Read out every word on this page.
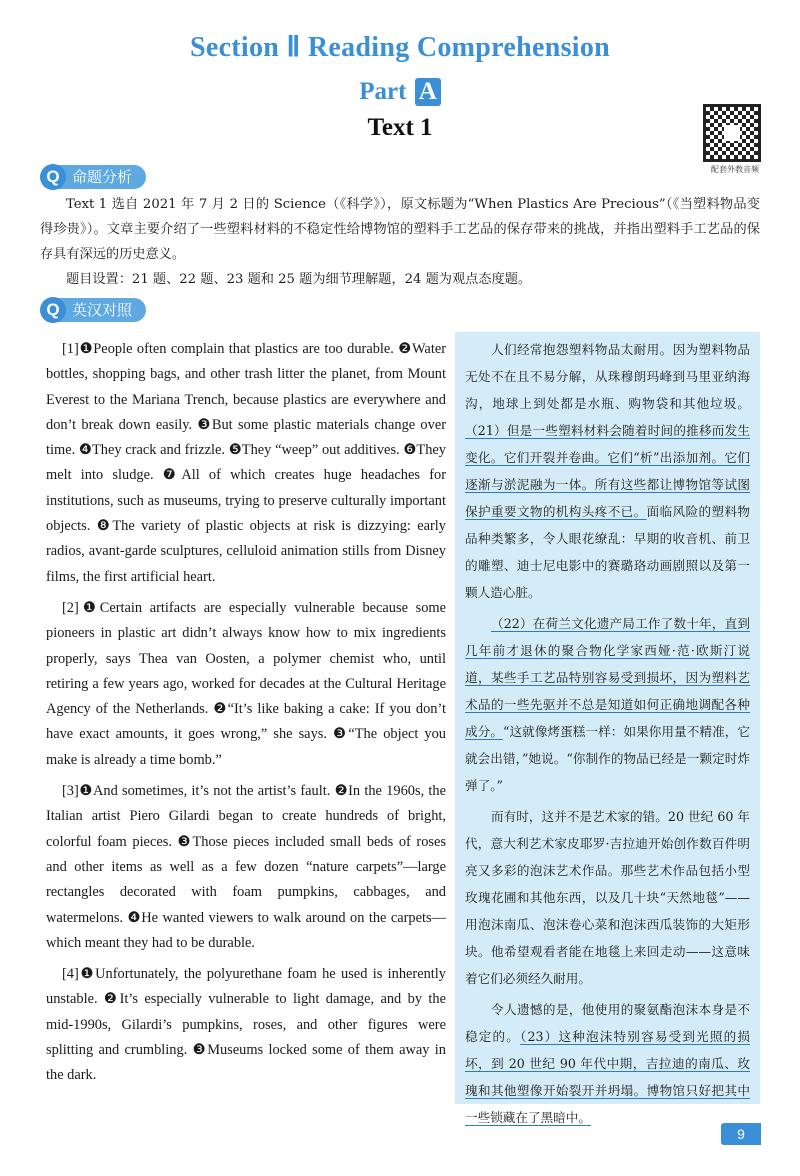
Section Ⅱ Reading Comprehension
Part A
Text 1
配套外教音频
Q 命题分析
Text 1 选自 2021 年 7 月 2 日的 Science（《科学》），原文标题为“When Plastics Are Precious”（《当塑料物品变得珍贵》）。文章主要介绍了一些塑料材料的不稳定性给博物馆的塑料手工艺品的保存带来的挑战，并指出塑料手工艺品的保存具有深远的历史意义。
题目设置：21 题、22 题、23 题和 25 题为细节理解题，24 题为观点态度题。
Q 英汉对照

[1]❶People often complain that plastics are too durable. ❷Water bottles, shopping bags, and other trash litter the planet, from Mount Everest to the Mariana Trench, because plastics are everywhere and don’t break down easily. ❸But some plastic materials change over time. ❹They crack and frizzle. ❺They “weep” out additives. ❻They melt into sludge. ❼All of which creates huge headaches for institutions, such as museums, trying to preserve culturally important objects. ❽The variety of plastic objects at risk is dizzying: early radios, avant-garde sculptures, celluloid animation stills from Disney films, the first artificial heart.

[2]❶Certain artifacts are especially vulnerable because some pioneers in plastic art didn’t always know how to mix ingredients properly, says Thea van Oosten, a polymer chemist who, until retiring a few years ago, worked for decades at the Cultural Heritage Agency of the Netherlands. ❷“It’s like baking a cake: If you don’t have exact amounts, it goes wrong,” she says. ❸“The object you make is already a time bomb.”

[3]❶And sometimes, it’s not the artist’s fault. ❷In the 1960s, the Italian artist Piero Gilardi began to create hundreds of bright, colorful foam pieces. ❸Those pieces included small beds of roses and other items as well as a few dozen “nature carpets”—large rectangles decorated with foam pumpkins, cabbages, and watermelons. ❹He wanted viewers to walk around on the carpets—which meant they had to be durable.

[4]❶Unfortunately, the polyurethane foam he used is inherently unstable. ❷It’s especially vulnerable to light damage, and by the mid-1990s, Gilardi’s pumpkins, roses, and other figures were splitting and crumbling. ❸Museums locked some of them away in the dark.

人们经常抱怨塑料物品太耐用。因为塑料物品无处不在且不易分解，从珠穆朗玛峰到马里亚纳海沟，地球上到处都是水瓶、购物袋和其他垃圾。（21）但是一些塑料材料会随着时间的推移而发生变化。它们开裂并卷曲。它们“析”出添加剂。它们逐渐与淤泥融为一体。所有这些都让博物馆等试图保护重要文物的机构头疼不已。面临风险的塑料物品种类繁多，令人眼花缭乱：早期的收音机、前卫的雕塑、迪士尼电影中的赛璐珞动画剧照以及第一颗人造心脏。

（22）在荷兰文化遗产局工作了数十年，直到几年前才退休的聚合物化学家西娅·范·欧斯汀说道，某些手工艺品特别容易受到损坏，因为塑料艺术品的一些先驱并不总是知道如何正确地调配各种成分。“这就像烤蛋糕一样：如果你用量不精准，它就会出错，”她说。“你制作的物品已经是一颗定时炸弹了。”

而有时，这并不是艺术家的错。20 世纪 60 年代，意大利艺术家皮耶罗·吉拉迪开始创作数百件明亮又多彩的泡沫艺术作品。那些艺术作品包括小型玫瑰花圃和其他东西，以及几十块“天然地毯”——用泡沫南瓜、泡沫卷心菜和泡沫西瓜装饰的大矩形块。他希望观看者能在地毯上来回走动——这意味着它们必须经久耐用。

令人遗憾的是，他使用的聚氨酯泡沫本身是不稳定的。（23）这种泡沫特别容易受到光照的损坏，到 20 世纪 90 年代中期，吉拉迪的南瓜、玫瑰和其他塑像开始裂开并坍塌。博物馆只好把其中一些锁藏在了黑暗中。

9
